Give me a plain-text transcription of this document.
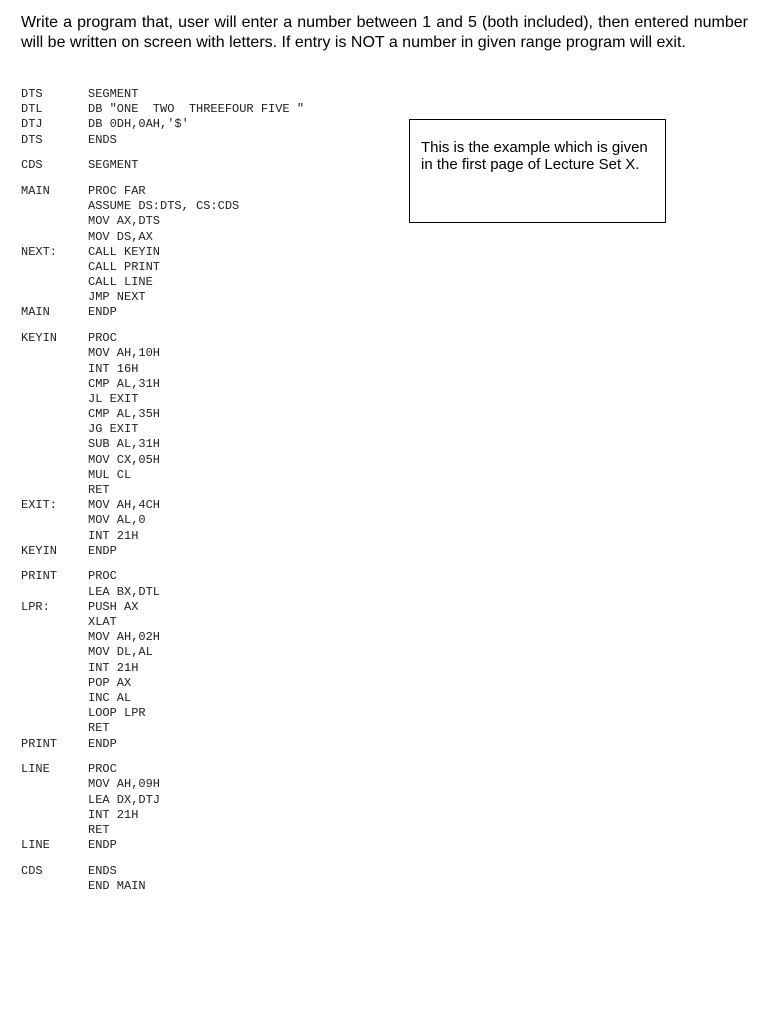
Write a program that, user will enter a number between 1 and 5 (both included), then entered number will be written on screen with letters. If entry is NOT a number in given range program will exit.

DTS	SEGMENT
DTL	DB "ONE  TWO  THREEFOUR FIVE "
DTJ	DB 0DH,0AH,'$'
DTS	ENDS
CDS	SEGMENT
MAIN	PROC FAR
ASSUME DS:DTS, CS:CDS
MOV AX,DTS
MOV DS,AX
NEXT:	CALL KEYIN
CALL PRINT
CALL LINE
JMP NEXT
MAIN	ENDP
KEYIN	PROC
MOV AH,10H
INT 16H
CMP AL,31H
JL EXIT
CMP AL,35H
JG EXIT
SUB AL,31H
MOV CX,05H
MUL CL
RET
EXIT:	MOV AH,4CH
MOV AL,0
INT 21H
KEYIN	ENDP
PRINT	PROC
LEA BX,DTL
LPR:	PUSH AX
XLAT
MOV AH,02H
MOV DL,AL
INT 21H
POP AX
INC AL
LOOP LPR
RET
PRINT	ENDP
LINE	PROC
MOV AH,09H
LEA DX,DTJ
INT 21H
RET
LINE	ENDP
CDS	ENDS
END MAIN
This is the example which is given in the first page of Lecture Set X.
